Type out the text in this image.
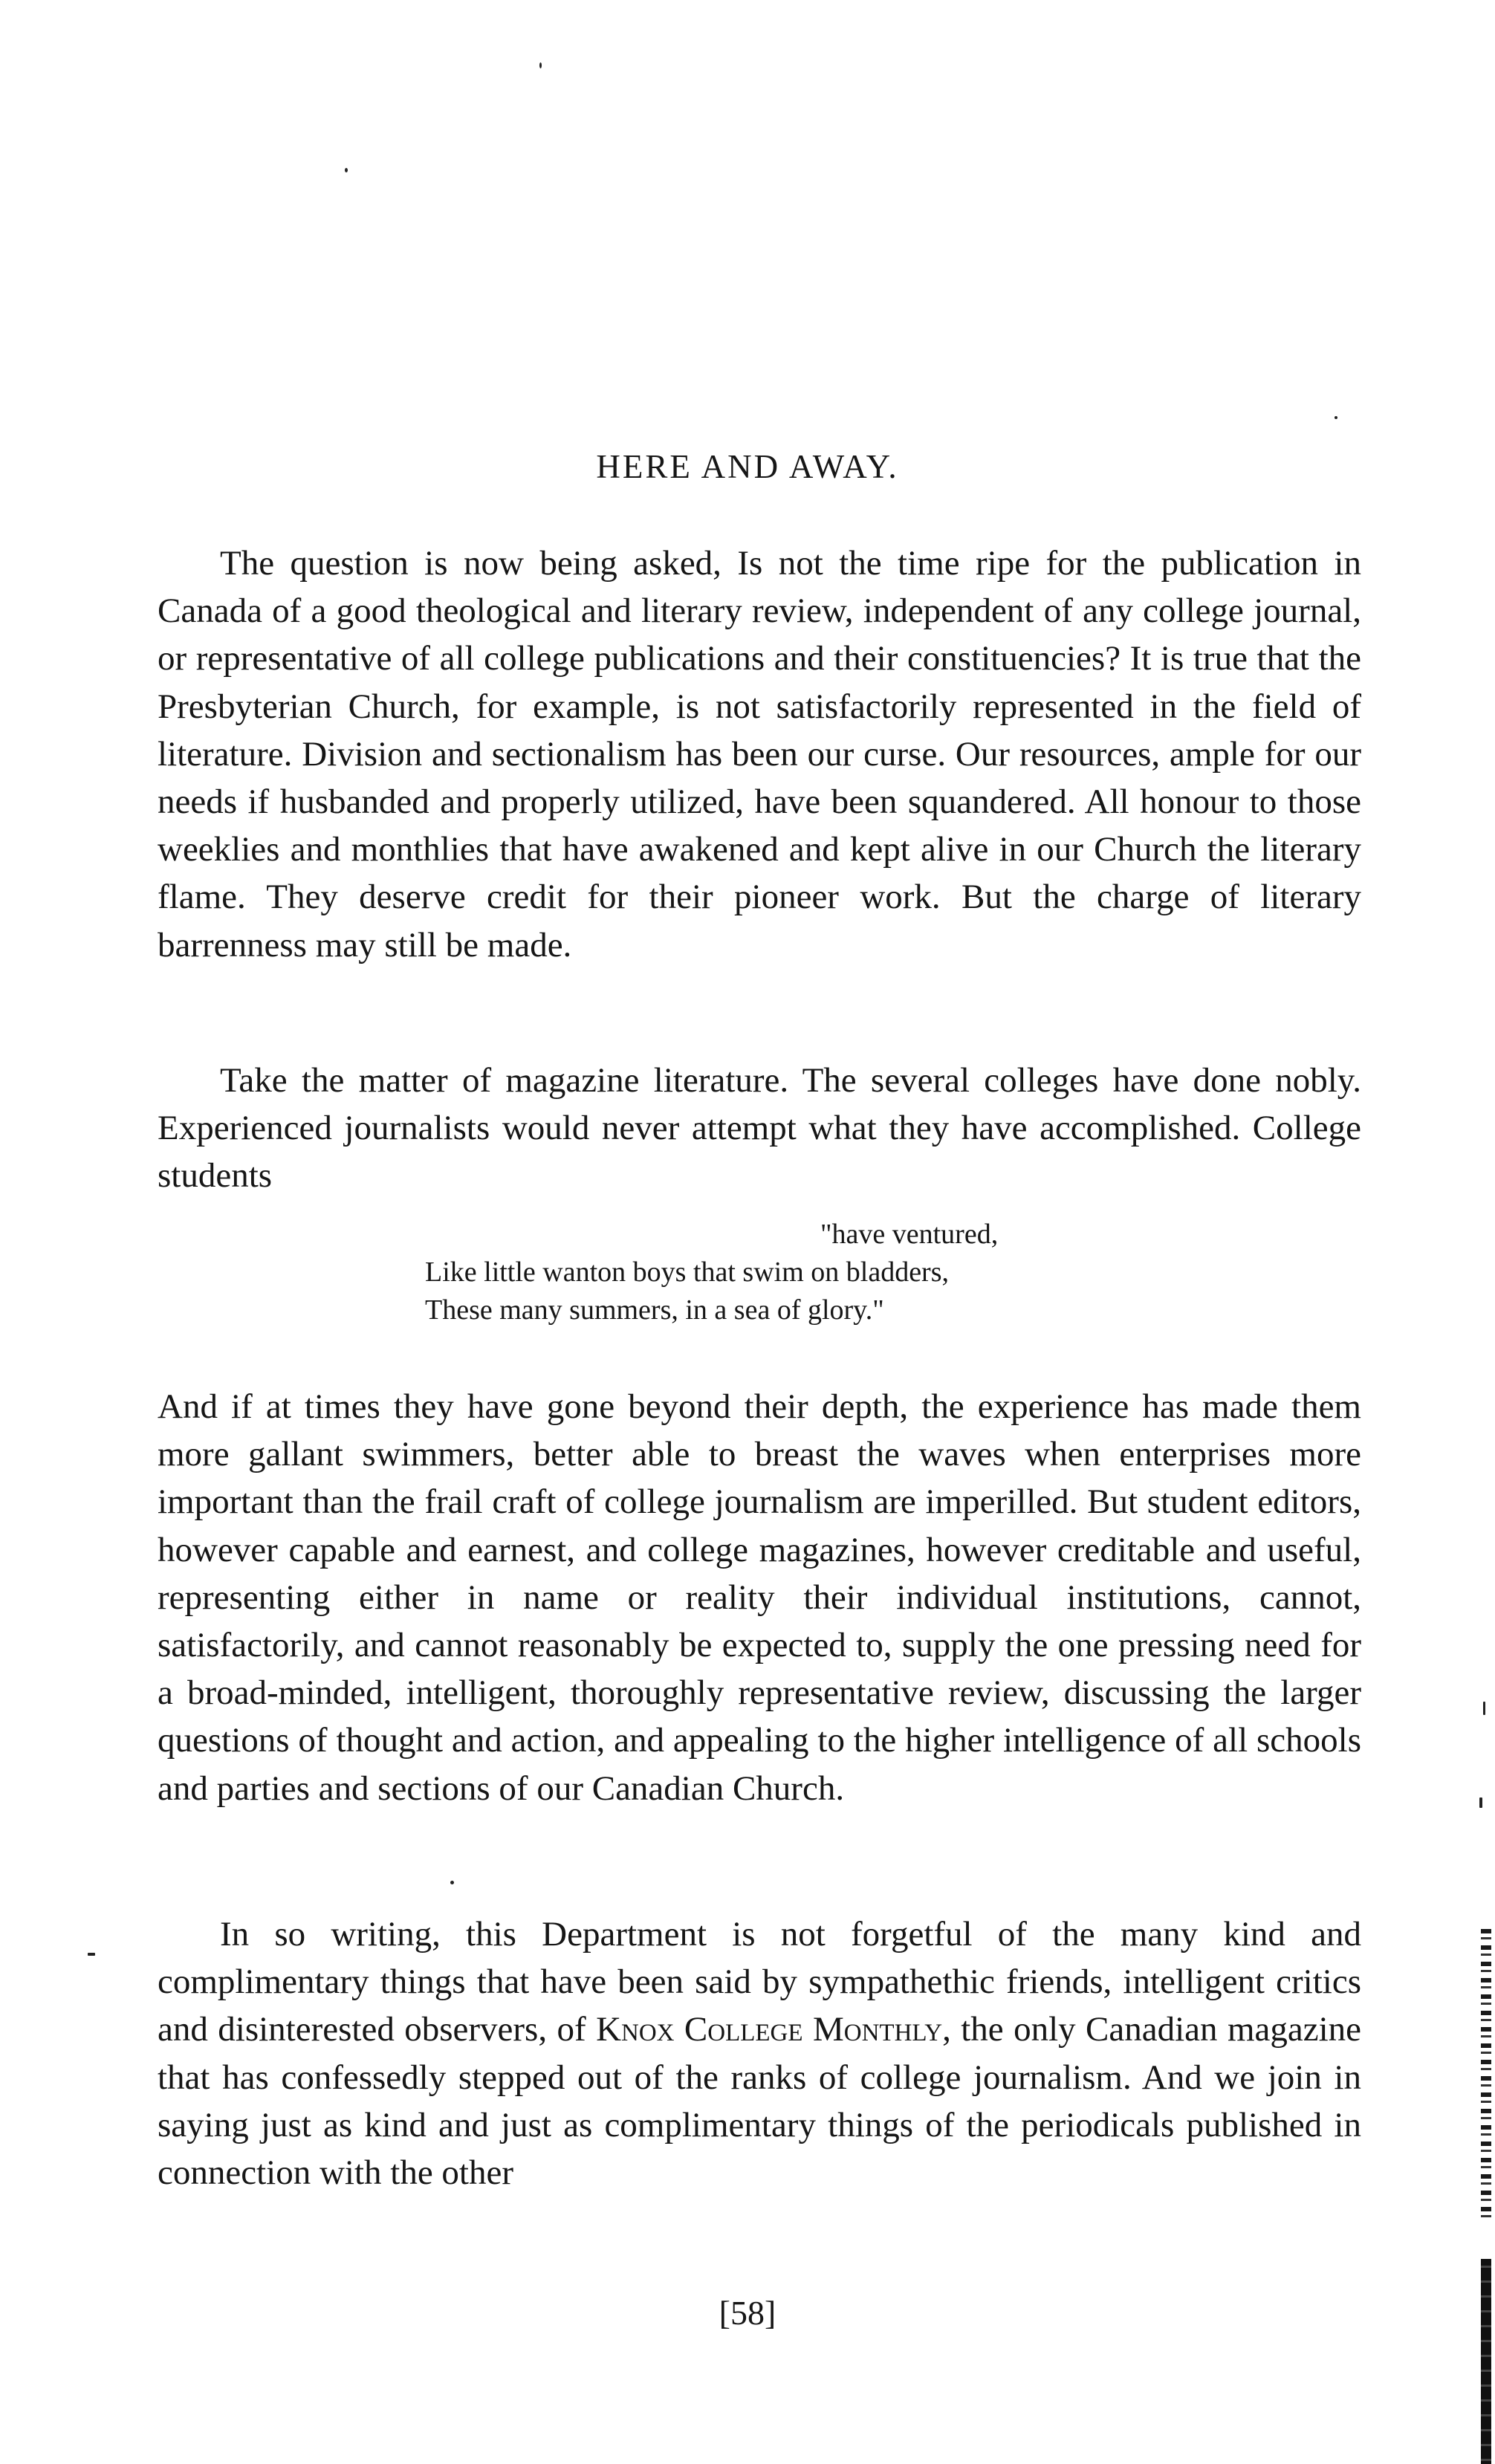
HERE AND AWAY.
The question is now being asked, Is not the time ripe for the publication in Canada of a good theological and literary review, independent of any college journal, or representative of all college publications and their constituencies? It is true that the Presbyterian Church, for example, is not satisfactorily represented in the field of literature. Division and sectionalism has been our curse. Our resources, ample for our needs if husbanded and properly utilized, have been squandered. All honour to those weeklies and monthlies that have awakened and kept alive in our Church the literary flame. They deserve credit for their pioneer work. But the charge of literary barrenness may still be made.
Take the matter of magazine literature. The several colleges have done nobly. Experienced journalists would never attempt what they have accomplished. College students
"have ventured,
Like little wanton boys that swim on bladders,
These many summers, in a sea of glory."
And if at times they have gone beyond their depth, the experience has made them more gallant swimmers, better able to breast the waves when enterprises more important than the frail craft of college journalism are imperilled. But student editors, however capable and earnest, and college magazines, however creditable and useful, representing either in name or reality their individual institutions, cannot, satisfactorily, and cannot reasonably be expected to, supply the one pressing need for a broad-minded, intelligent, thoroughly representative review, discussing the larger questions of thought and action, and appealing to the higher intelligence of all schools and parties and sections of our Canadian Church.
In so writing, this Department is not forgetful of the many kind and complimentary things that have been said by sympathethic friends, intelligent critics and disinterested observers, of Knox College Monthly, the only Canadian magazine that has confessedly stepped out of the ranks of college journalism. And we join in saying just as kind and just as complimentary things of the periodicals published in connection with the other
[58]
